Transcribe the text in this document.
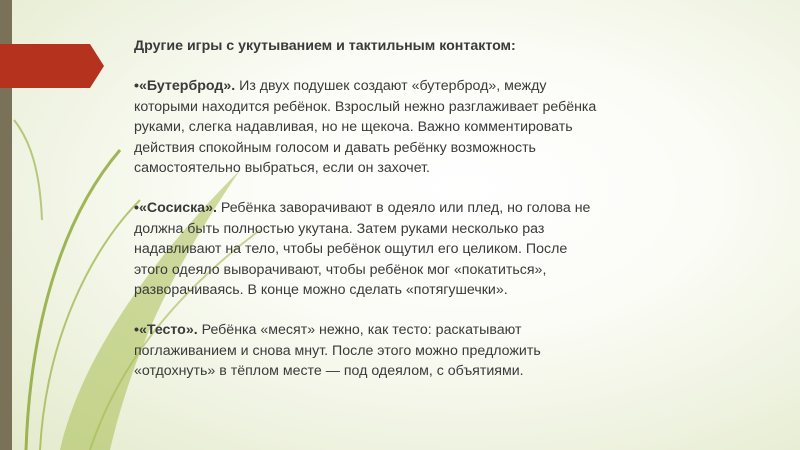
Другие игры с укутыванием и тактильным контактом:

•«Бутерброд». Из двух подушек создают «бутерброд», между которыми находится ребёнок. Взрослый нежно разглаживает ребёнка руками, слегка надавливая, но не щекоча. Важно комментировать действия спокойным голосом и давать ребёнку возможность самостоятельно выбраться, если он захочет.

•«Сосиска». Ребёнка заворачивают в одеяло или плед, но голова не должна быть полностью укутана. Затем руками несколько раз надавливают на тело, чтобы ребёнок ощутил его целиком. После этого одеяло выворачивают, чтобы ребёнок мог «покатиться», разворачиваясь. В конце можно сделать «потягушечки».

•«Тесто». Ребёнка «месят» нежно, как тесто: раскатывают поглаживанием и снова мнут. После этого можно предложить «отдохнуть» в тёплом месте — под одеялом, с объятиями.
